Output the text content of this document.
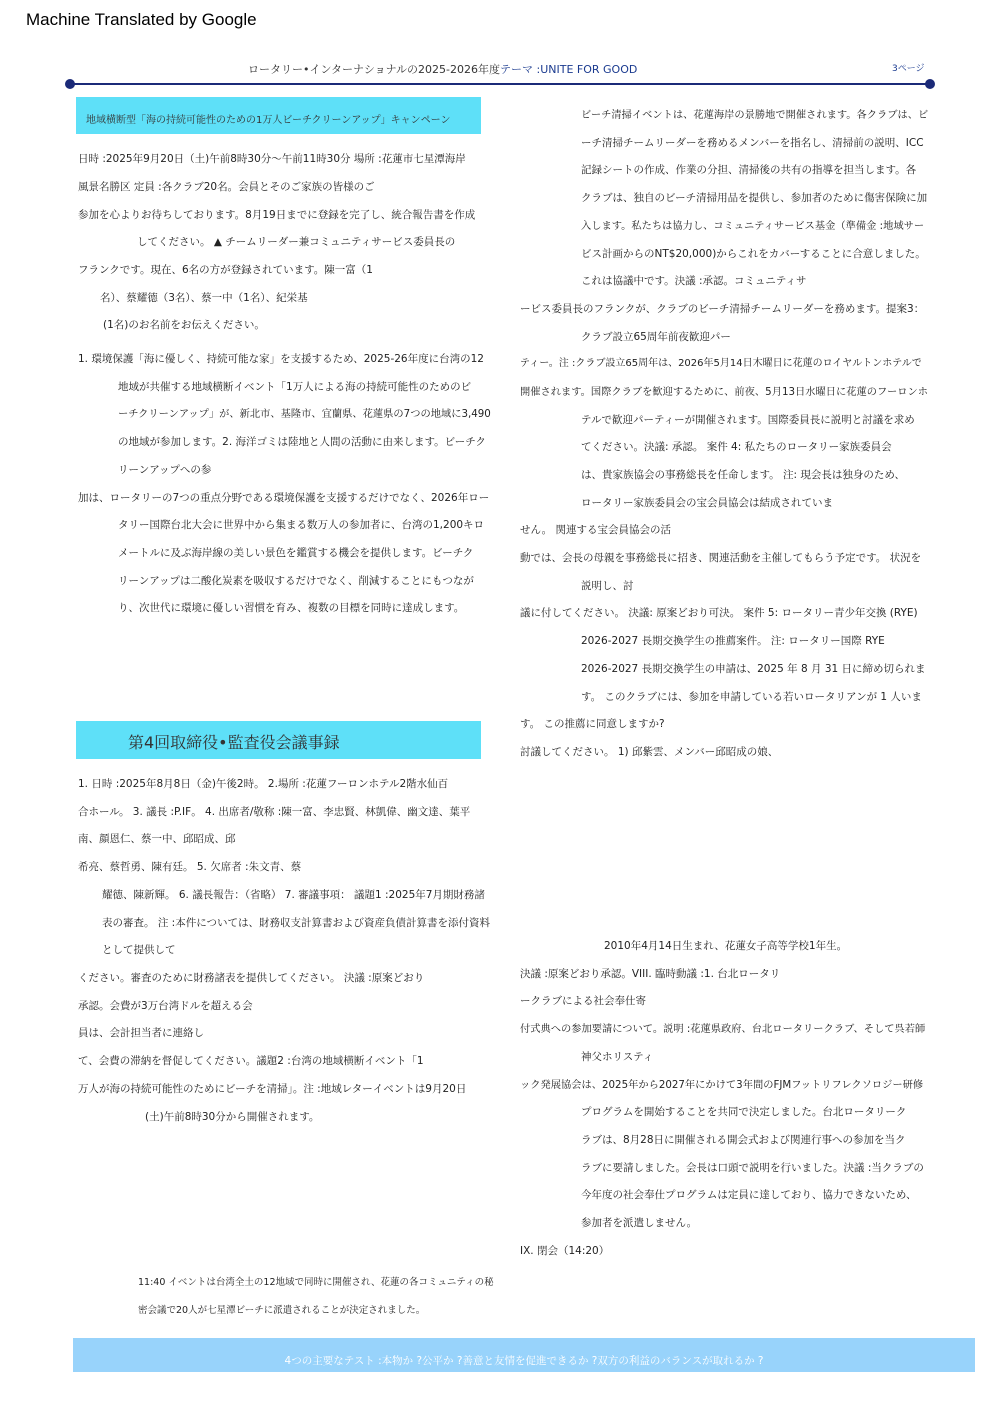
Machine Translated by Google
ロータリー•インターナショナルの2025-2026年度テーマ :UNITE FOR GOOD	3ページ
地域横断型「海の持続可能性のための1万人ビーチクリーンアップ」キャンペーン
日時 :2025年9月20日（土)午前8時30分〜午前11時30分 場所 :花蓮市七星潭海岸
風景名勝区 定員 :各クラブ20名。会員とそのご家族の皆様のご
参加を心よりお待ちしております。8月19日までに登録を完了し、統合報告書を作成
してください。 ▲ チームリーダー兼コミュニティサービス委員長の
フランクです。現在、6名の方が登録されています。陳一富（1
名）、蔡耀德（3名）、蔡一中（1名）、紀栄基
(1名)のお名前をお伝えください。
1. 環境保護「海に優しく、持続可能な家」を支援するため、2025-26年度に台湾の12
地域が共催する地域横断イベント「1万人による海の持続可能性のためのビ
ーチクリーンアップ」が、新北市、基隆市、宜蘭県、花蓮県の7つの地域に3,490
の地域が参加します。2. 海洋ゴミは陸地と人間の活動に由来します。ビーチク
リーンアップへの参
加は、ロータリーの7つの重点分野である環境保護を支援するだけでなく、2026年ロー
タリー国際台北大会に世界中から集まる数万人の参加者に、台湾の1,200キロ
メートルに及ぶ海岸線の美しい景色を鑑賞する機会を提供します。ビーチク
リーンアップは二酸化炭素を吸収するだけでなく、削減することにもつなが
り、次世代に環境に優しい習慣を育み、複数の目標を同時に達成します。
第4回取締役•監査役会議事録
1. 日時 :2025年8月8日（金)午後2時。 2.場所 :花蓮フーロンホテル2階水仙百
合ホール。 3. 議長 :P.IF。 4. 出席者/敬称 :陳一富、李忠賢、林凱偉、幽文達、葉平
南、顔恩仁、蔡一中、邱昭成、邱
希亮、蔡哲勇、陳有廷。 5. 欠席者 :朱文青、蔡
耀德、陳新輝。 6. 議長報告：（省略） 7. 審議事項： 議題1 :2025年7月期財務諸
表の審査。 注 :本件については、財務収支計算書および資産負債計算書を添付資料
として提供して
ください。審査のために財務諸表を提供してください。 決議 :原案どおり
承認。会費が3万台湾ドルを超える会
員は、会計担当者に連絡し
て、会費の滞納を督促してください。議題2 :台湾の地域横断イベント「1
万人が海の持続可能性のためにビーチを清掃」。注 :地域レターイベントは9月20日
(土)午前8時30分から開催されます。
11:40 イベントは台湾全土の12地域で同時に開催され、花蓮の各コミュニティの秘
密会議で20人が七星潭ビーチに派遣されることが決定されました。
ビーチ清掃イベントは、花蓮海岸の景勝地で開催されます。各クラブは、ビ
ーチ清掃チームリーダーを務めるメンバーを指名し、清掃前の説明、ICC
記録シートの作成、作業の分担、清掃後の共有の指導を担当します。各
クラブは、独自のビーチ清掃用品を提供し、参加者のために傷害保険に加
入します。私たちは協力し、コミュニティサービス基金（準備金 :地域サー
ビス計画からのNT$20,000)からこれをカバーすることに合意しました。
これは協議中です。決議 :承認。コミュニティサ
ービス委員長のフランクが、クラブのビーチ清掃チームリーダーを務めます。提案3：
クラブ設立65周年前夜歓迎パー
ティー。注 :クラブ設立65周年は、2026年5月14日木曜日に花蓮のロイヤルトンホテルで
開催されます。国際クラブを歓迎するために、前夜、5月13日水曜日に花蓮のフーロンホ
テルで歓迎パーティーが開催されます。国際委員長に説明と討議を求め
てください。決議: 承認。 案件 4: 私たちのロータリー家族委員会
は、貴家族協会の事務総長を任命します。 注: 現会長は独身のため、
ロータリー家族委員会の宝会員協会は結成されていま
せん。 関連する宝会員協会の活
動では、会長の母親を事務総長に招き、関連活動を主催してもらう予定です。 状況を
説明し、討
議に付してください。 決議: 原案どおり可決。 案件 5: ロータリー青少年交換 (RYE)
2026-2027 長期交換学生の推薦案件。 注: ロータリー国際 RYE
2026-2027 長期交換学生の申請は、2025 年 8 月 31 日に締め切られま
す。 このクラブには、参加を申請している若いロータリアンが 1 人いま
す。 この推薦に同意しますか?
討議してください。 1) 邱紫雲、メンバー邱昭成の娘、
2010年4月14日生まれ、花蓮女子高等学校1年生。
決議 :原案どおり承認。VIII. 臨時動議 :1. 台北ロータリ
ークラブによる社会奉仕寄
付式典への参加要請について。説明 :花蓮県政府、台北ロータリークラブ、そして呉若師
神父ホリスティ
ック発展協会は、2025年から2027年にかけて3年間のFJMフットリフレクソロジー研修
プログラムを開始することを共同で決定しました。台北ロータリーク
ラブは、8月28日に開催される開会式および関連行事への参加を当ク
ラブに要請しました。会長は口頭で説明を行いました。決議 :当クラブの
今年度の社会奉仕プログラムは定員に達しており、協力できないため、
参加者を派遣しません。
IX. 閉会（14:20）
4つの主要なテスト :本物か ?公平か ?善意と友情を促進できるか ?双方の利益のバランスが取れるか ?
